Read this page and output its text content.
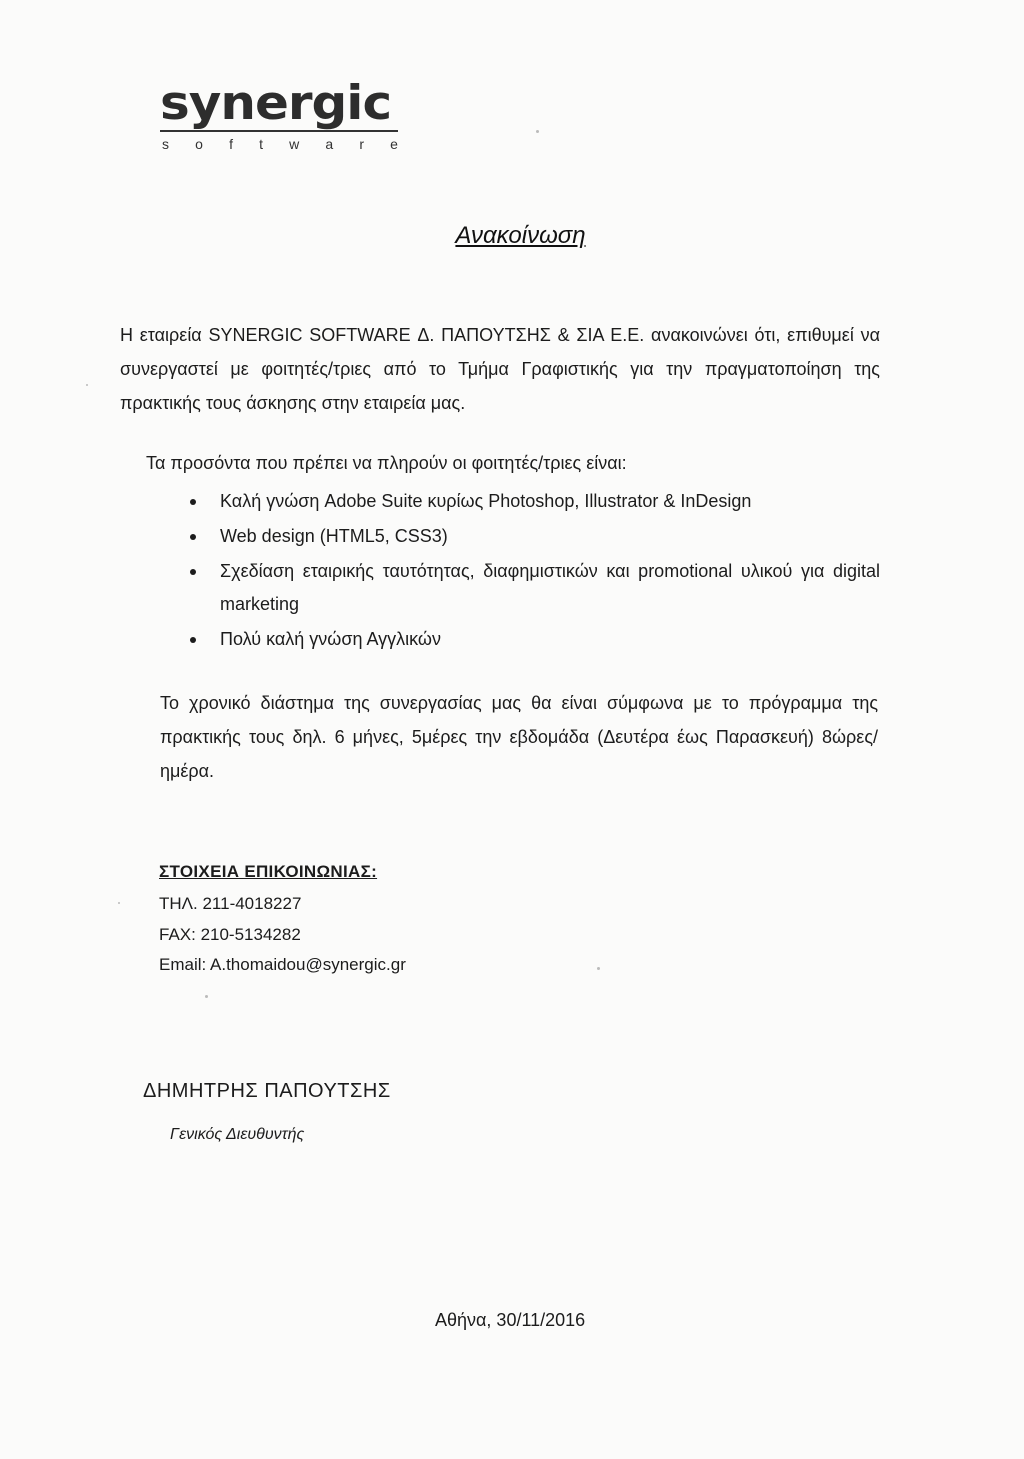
synergic
s o f t w a r e
Ανακοίνωση
Η εταιρεία SYNERGIC SOFTWARE Δ. ΠΑΠΟΥΤΣΗΣ & ΣΙΑ Ε.Ε. ανακοινώνει ότι, επιθυμεί να συνεργαστεί με φοιτητές/τριες από το Τμήμα Γραφιστικής για την πραγματοποίηση της πρακτικής τους άσκησης στην εταιρεία μας.
Τα προσόντα που πρέπει να πληρούν οι φοιτητές/τριες είναι:
Καλή γνώση Adobe Suite κυρίως Photoshop, Illustrator & InDesign
Web design (HTML5, CSS3)
Σχεδίαση εταιρικής ταυτότητας, διαφημιστικών και promotional υλικού για digital marketing
Πολύ καλή γνώση Αγγλικών
Το χρονικό διάστημα της συνεργασίας μας θα είναι σύμφωνα με το πρόγραμμα της πρακτικής τους δηλ. 6 μήνες, 5μέρες την εβδομάδα (Δευτέρα έως Παρασκευή) 8ώρες/ημέρα.
ΣΤΟΙΧΕΙΑ ΕΠΙΚΟΙΝΩΝΙΑΣ:
ΤΗΛ. 211-4018227
FAX: 210-5134282
Email: A.thomaidou@synergic.gr
ΔΗΜΗΤΡΗΣ ΠΑΠΟΥΤΣΗΣ
Γενικός Διευθυντής
Αθήνα, 30/11/2016
